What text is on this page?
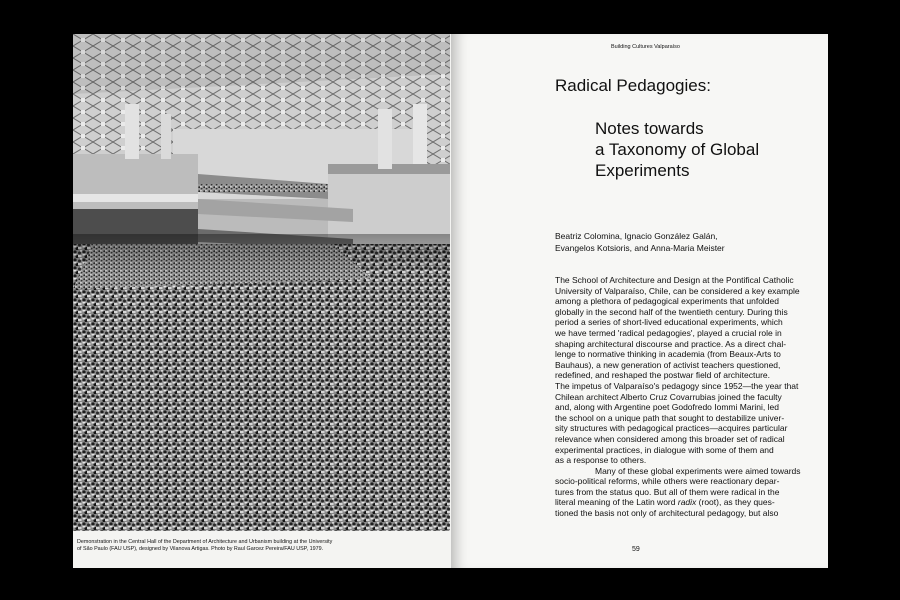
Demonstration in the Central Hall of the Department of Architecture and Urbanism building at the University
of São Paulo (FAU USP), designed by Vilanova Artigas. Photo by Raul Garcez Pereira/FAU USP, 1979.
Building Cultures Valparaíso
Radical Pedagogies:
Notes towards
a Taxonomy of Global
Experiments
Beatriz Colomina, Ignacio González Galán,
Evangelos Kotsioris, and Anna-Maria Meister
The School of Architecture and Design at the Pontifical Catholic
University of Valparaíso, Chile, can be considered a key example
among a plethora of pedagogical experiments that unfolded
globally in the second half of the twentieth century. During this
period a series of short-lived educational experiments, which
we have termed 'radical pedagogies', played a crucial role in
shaping architectural discourse and practice. As a direct chal-
lenge to normative thinking in academia (from Beaux-Arts to
Bauhaus), a new generation of activist teachers questioned,
redefined, and reshaped the postwar field of architecture.
The impetus of Valparaíso's pedagogy since 1952—the year that
Chilean architect Alberto Cruz Covarrubias joined the faculty
and, along with Argentine poet Godofredo Iommi Marini, led
the school on a unique path that sought to destabilize univer-
sity structures with pedagogical practices—acquires particular
relevance when considered among this broader set of radical
experimental practices, in dialogue with some of them and
as a response to others.
Many of these global experiments were aimed towards
socio-political reforms, while others were reactionary depar-
tures from the status quo. But all of them were radical in the
literal meaning of the Latin word radix (root), as they ques-
tioned the basis not only of architectural pedagogy, but also
59
